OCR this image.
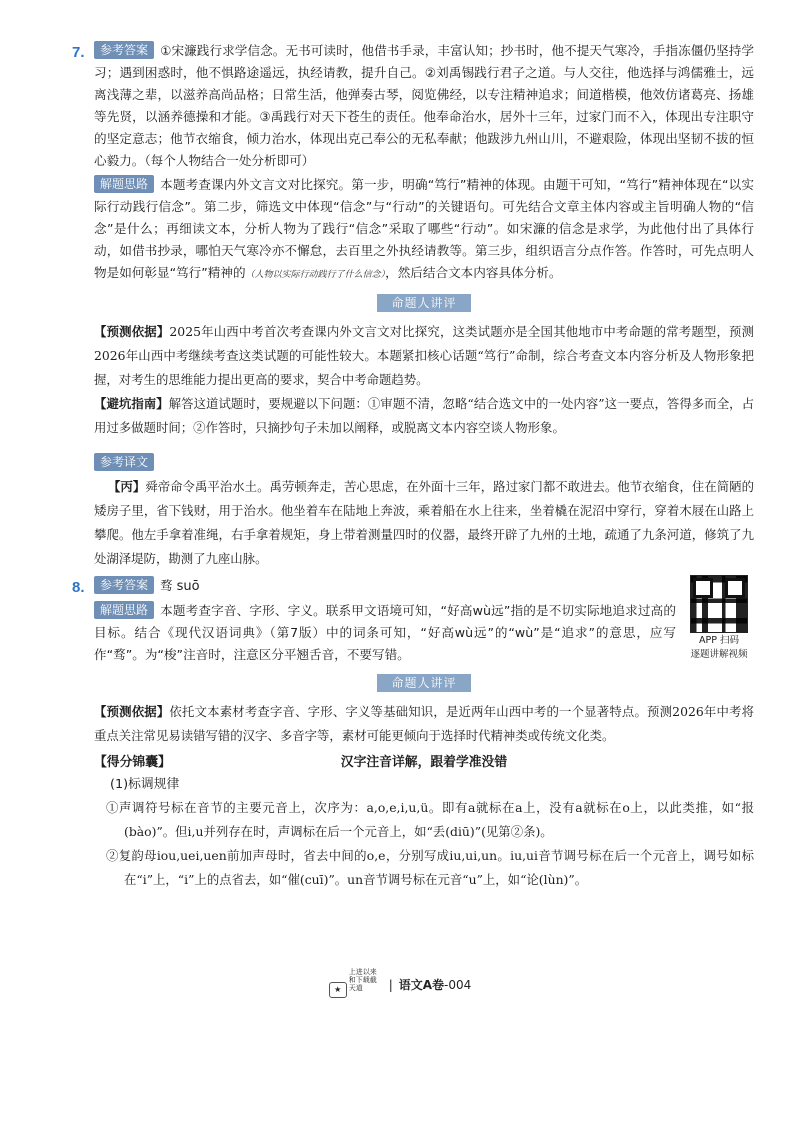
7.	参考答案 ①宋濂践行求学信念。无书可读时，他借书手录，丰富认知；抄书时，他不提天气寒冷，手指冻僵仍坚持学习；遇到困惑时，他不惧路途遥远，执经请教，提升自己。②刘禹锡践行君子之道。与人交往，他选择与鸿儒雅士，远离浅薄之辈，以滋养高尚品格；日常生活，他弹奏古琴，阅览佛经，以专注精神追求；间道楷模，他效仿诸葛亮、扬雄等先贤，以涵养德操和才能。③禹践行对天下苍生的责任。他奉命治水，居外十三年，过家门而不入，体现出专注职守的坚定意志；他节衣缩食，倾力治水，体现出克己奉公的无私奉献；他跋涉九州山川，不避艰险，体现出坚韧不拔的恒心毅力。（每个人物结合一处分析即可）

解题思路 本题考查课内外文言文对比探究。第一步，明确“笃行”精神的体现。由题干可知，“笃行”精神体现在“以实际行动践行信念”。第二步，筛选文中体现“信念”与“行动”的关键语句。可先结合文章主体内容或主旨明确人物的“信念”是什么；再细读文本，分析人物为了践行“信念”采取了哪些“行动”。如宋濂的信念是求学，为此他付出了具体行动，如借书抄录，哪怕天气寒冷亦不懈怠，去百里之外执经请教等。第三步，组织语言分点作答。作答时，可先点明人物是如何彰显“笃行”精神的（人物以实际行动践行了什么信念），然后结合文本内容具体分析。

命题人讲评

【预测依据】2025年山西中考首次考查课内外文言文对比探究，这类试题亦是全国其他地市中考命题的常考题型，预测2026年山西中考继续考查这类试题的可能性较大。本题紧扣核心话题“笃行”命制，综合考查文本内容分析及人物形象把握，对考生的思维能力提出更高的要求，契合中考命题趋势。

【避坑指南】解答这道试题时，要规避以下问题：①审题不清，忽略“结合选文中的一处内容”这一要点，答得多而全，占用过多做题时间；②作答时，只摘抄句子未加以阐释，或脱离文本内容空谈人物形象。

参考译文

【丙】舜帝命令禹平治水土。禹劳顿奔走，苦心思虑，在外面十三年，路过家门都不敢进去。他节衣缩食，住在简陋的矮房子里，省下钱财，用于治水。他坐着车在陆地上奔波，乘着船在水上往来，坐着橇在泥沼中穿行，穿着木屐在山路上攀爬。他左手拿着准绳，右手拿着规矩，身上带着测量四时的仪器，最终开辟了九州的土地，疏通了九条河道，修筑了九处湖泽堤防，勘测了九座山脉。

APP 扫码
逐题讲解视频
8.	参考答案 骛 suō

解题思路 本题考查字音、字形、字义。联系甲文语境可知，“好高wù远”指的是不切实际地追求过高的目标。结合《现代汉语词典》（第7版）中的词条可知，“好高wù远”的“wù”是“追求”的意思，应写作“骛”。为“梭”注音时，注意区分平翘舌音，不要写错。

命题人讲评

【预测依据】依托文本素材考查字音、字形、字义等基础知识，是近两年山西中考的一个显著特点。预测2026年中考将重点关注常见易读错写错的汉字、多音字等，素材可能更倾向于选择时代精神类或传统文化类。

【得分锦囊】	汉字注音详解，跟着学准没错
(1)标调规律

①声调符号标在音节的主要元音上，次序为：a,o,e,i,u,ü。即有a就标在a上，没有a就标在o上，以此类推，如“报(bào)”。但i,u并列存在时，声调标在后一个元音上，如“丢(diū)”(见第②条)。

②复韵母iou,uei,uen前加声母时，省去中间的o,e，分别写成iu,ui,un。iu,ui音节调号标在后一个元音上，调号如标在“i”上，“i”上的点省去，如“催(cuī)”。un音节调号标在元音“u”上，如“论(lùn)”。

★上进以来和下载截天道 | 语文A卷-004
